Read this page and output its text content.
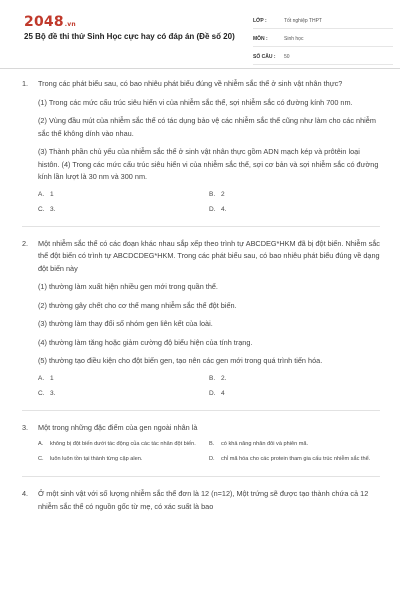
2048.vn
25 Bộ đề thi thử Sinh Học cực hay có đáp án (Đề số 20)
LỚP :	Tốt nghiệp THPT
MÔN :	Sinh học
SỐ CÂU :	50
1.	Trong các phát biểu sau, có bao nhiêu phát biểu đúng về nhiễm sắc thể ở sinh vật nhân thực?

(1) Trong các mức cấu trúc siêu hiển vi của nhiễm sắc thể, sợi nhiễm sắc có đường kính 700 nm.

(2) Vùng đầu mút của nhiễm sắc thể có tác dụng bảo vệ các nhiễm sắc thể cũng như làm cho các nhiễm sắc thể không dính vào nhau.

(3) Thành phần chủ yếu của nhiễm sắc thể ở sinh vật nhân thực gồm ADN mạch kép và prôtêin loại histôn. (4) Trong các mức cấu trúc siêu hiển vi của nhiễm sắc thể, sợi cơ bản và sợi nhiễm sắc có đường kính lần lượt là 30 nm và 300 nm.

A. 1	B. 2
C. 3.	D. 4.
2.	Một nhiễm sắc thể có các đoạn khác nhau sắp xếp theo trình tự ABCDEG*HKM đã bị đột biến. Nhiễm sắc thể đột biến có trình tự ABCDCDEG*HKM. Trong các phát biểu sau, có bao nhiêu phát biểu đúng về dạng đột biến này

(1) thường làm xuất hiện nhiều gen mới trong quần thể.

(2) thường gây chết cho cơ thể mang nhiễm sắc thể đột biến.

(3) thường làm thay đổi số nhóm gen liên kết của loài.

(4) thường làm tăng hoặc giảm cường độ biểu hiện của tính trạng.

(5) thường tạo điều kiện cho đột biến gen, tạo nên các gen mới trong quá trình tiến hóa.

A. 1	B. 2.
C. 3.	D. 4
3.	Một trong những đặc điểm của gen ngoài nhân là

A.	không bị đột biến dưới tác động của các tác nhân đột biến.	B.	có khả năng nhân đôi và phiên mã.
C.	luôn luôn tồn tại thành từng cặp alen.	D.	chỉ mã hóa cho các protein tham gia cấu trúc nhiễm sắc thể.
4.	Ở một sinh vật với số lượng nhiễm sắc thể đơn là 12 (n=12), Một trứng sẽ được tạo thành chứa cả 12 nhiễm sắc thể có nguồn gốc từ mẹ, có xác suất là bao
